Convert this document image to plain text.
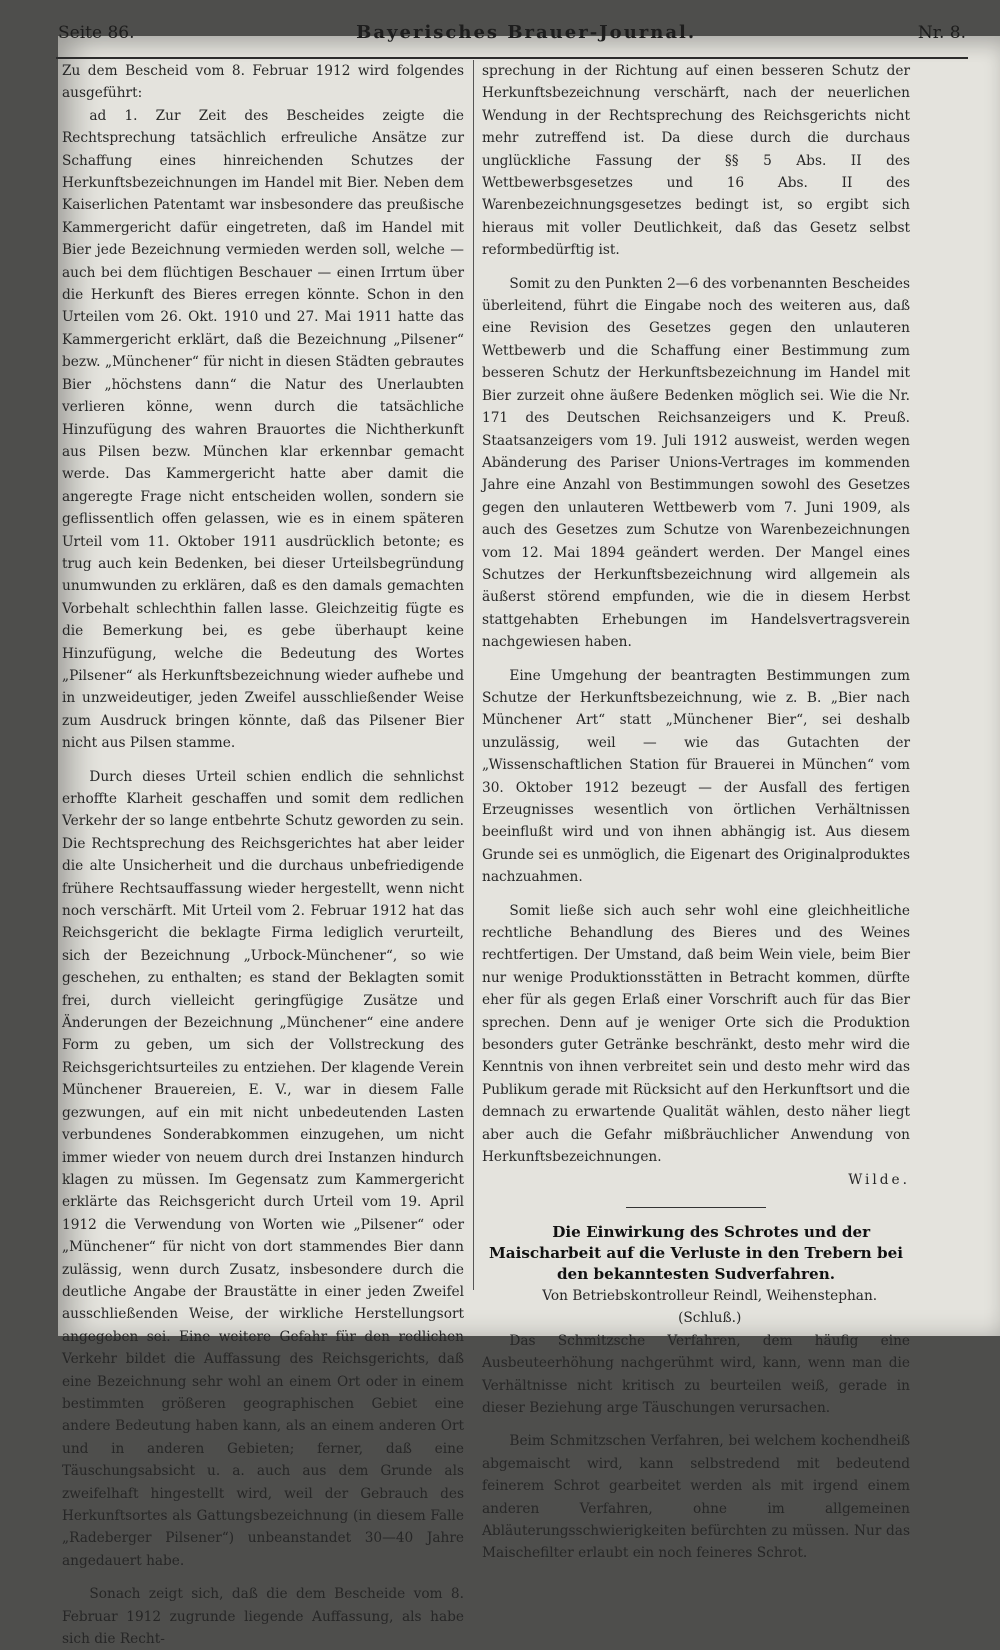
Seite 86.	Bayerisches Brauer-Journal.	Nr. 8.

Zu dem Bescheid vom 8. Februar 1912 wird folgendes ausgeführt:

ad 1. Zur Zeit des Bescheides zeigte die Rechtsprechung tatsächlich erfreuliche Ansätze zur Schaffung eines hinreichenden Schutzes der Herkunftsbezeichnungen im Handel mit Bier. Neben dem Kaiserlichen Patentamt war insbesondere das preußische Kammergericht dafür eingetreten, daß im Handel mit Bier jede Bezeichnung vermieden werden soll, welche — auch bei dem flüchtigen Beschauer — einen Irrtum über die Herkunft des Bieres erregen könnte. Schon in den Urteilen vom 26. Okt. 1910 und 27. Mai 1911 hatte das Kammergericht erklärt, daß die Bezeichnung „Pilsener“ bezw. „Münchener“ für nicht in diesen Städten gebrautes Bier „höchstens dann“ die Natur des Unerlaubten verlieren könne, wenn durch die tatsächliche Hinzufügung des wahren Brauortes die Nichtherkunft aus Pilsen bezw. München klar erkennbar gemacht werde. Das Kammergericht hatte aber damit die angeregte Frage nicht entscheiden wollen, sondern sie geflissentlich offen gelassen, wie es in einem späteren Urteil vom 11. Oktober 1911 ausdrücklich betonte; es trug auch kein Bedenken, bei dieser Urteilsbegründung unumwunden zu erklären, daß es den damals gemachten Vorbehalt schlechthin fallen lasse. Gleichzeitig fügte es die Bemerkung bei, es gebe überhaupt keine Hinzufügung, welche die Bedeutung des Wortes „Pilsener“ als Herkunftsbezeichnung wieder aufhebe und in unzweideutiger, jeden Zweifel ausschließender Weise zum Ausdruck bringen könnte, daß das Pilsener Bier nicht aus Pilsen stamme.

Durch dieses Urteil schien endlich die sehnlichst erhoffte Klarheit geschaffen und somit dem redlichen Verkehr der so lange entbehrte Schutz geworden zu sein. Die Rechtsprechung des Reichsgerichtes hat aber leider die alte Unsicherheit und die durchaus unbefriedigende frühere Rechtsauffassung wieder hergestellt, wenn nicht noch verschärft. Mit Urteil vom 2. Februar 1912 hat das Reichsgericht die beklagte Firma lediglich verurteilt, sich der Bezeichnung „Urbock-Münchener“, so wie geschehen, zu enthalten; es stand der Beklagten somit frei, durch vielleicht geringfügige Zusätze und Änderungen der Bezeichnung „Münchener“ eine andere Form zu geben, um sich der Vollstreckung des Reichsgerichtsurteiles zu entziehen. Der klagende Verein Münchener Brauereien, E. V., war in diesem Falle gezwungen, auf ein mit nicht unbedeutenden Lasten verbundenes Sonderabkommen einzugehen, um nicht immer wieder von neuem durch drei Instanzen hindurch klagen zu müssen. Im Gegensatz zum Kammergericht erklärte das Reichsgericht durch Urteil vom 19. April 1912 die Verwendung von Worten wie „Pilsener“ oder „Münchener“ für nicht von dort stammendes Bier dann zulässig, wenn durch Zusatz, insbesondere durch die deutliche Angabe der Braustätte in einer jeden Zweifel ausschließenden Weise, der wirkliche Herstellungsort angegeben sei. Eine weitere Gefahr für den redlichen Verkehr bildet die Auffassung des Reichsgerichts, daß eine Bezeichnung sehr wohl an einem Ort oder in einem bestimmten größeren geographischen Gebiet eine andere Bedeutung haben kann, als an einem anderen Ort und in anderen Gebieten; ferner, daß eine Täuschungsabsicht u. a. auch aus dem Grunde als zweifelhaft hingestellt wird, weil der Gebrauch des Herkunftsortes als Gattungsbezeichnung (in diesem Falle „Radeberger Pilsener“) unbeanstandet 30—40 Jahre angedauert habe.

Sonach zeigt sich, daß die dem Bescheide vom 8. Februar 1912 zugrunde liegende Auffassung, als habe sich die Recht-

sprechung in der Richtung auf einen besseren Schutz der Herkunftsbezeichnung verschärft, nach der neuerlichen Wendung in der Rechtsprechung des Reichsgerichts nicht mehr zutreffend ist. Da diese durch die durchaus unglückliche Fassung der §§ 5 Abs. II des Wettbewerbsgesetzes und 16 Abs. II des Warenbezeichnungsgesetzes bedingt ist, so ergibt sich hieraus mit voller Deutlichkeit, daß das Gesetz selbst reformbedürftig ist.

Somit zu den Punkten 2—6 des vorbenannten Bescheides überleitend, führt die Eingabe noch des weiteren aus, daß eine Revision des Gesetzes gegen den unlauteren Wettbewerb und die Schaffung einer Bestimmung zum besseren Schutz der Herkunftsbezeichnung im Handel mit Bier zurzeit ohne äußere Bedenken möglich sei. Wie die Nr. 171 des Deutschen Reichsanzeigers und K. Preuß. Staatsanzeigers vom 19. Juli 1912 ausweist, werden wegen Abänderung des Pariser Unions-Vertrages im kommenden Jahre eine Anzahl von Bestimmungen sowohl des Gesetzes gegen den unlauteren Wettbewerb vom 7. Juni 1909, als auch des Gesetzes zum Schutze von Warenbezeichnungen vom 12. Mai 1894 geändert werden. Der Mangel eines Schutzes der Herkunftsbezeichnung wird allgemein als äußerst störend empfunden, wie die in diesem Herbst stattgehabten Erhebungen im Handelsvertragsverein nachgewiesen haben.

Eine Umgehung der beantragten Bestimmungen zum Schutze der Herkunftsbezeichnung, wie z. B. „Bier nach Münchener Art“ statt „Münchener Bier“, sei deshalb unzulässig, weil — wie das Gutachten der „Wissenschaftlichen Station für Brauerei in München“ vom 30. Oktober 1912 bezeugt — der Ausfall des fertigen Erzeugnisses wesentlich von örtlichen Verhältnissen beeinflußt wird und von ihnen abhängig ist. Aus diesem Grunde sei es unmöglich, die Eigenart des Originalproduktes nachzuahmen.

Somit ließe sich auch sehr wohl eine gleichheitliche rechtliche Behandlung des Bieres und des Weines rechtfertigen. Der Umstand, daß beim Wein viele, beim Bier nur wenige Produktionsstätten in Betracht kommen, dürfte eher für als gegen Erlaß einer Vorschrift auch für das Bier sprechen. Denn auf je weniger Orte sich die Produktion besonders guter Getränke beschränkt, desto mehr wird die Kenntnis von ihnen verbreitet sein und desto mehr wird das Publikum gerade mit Rücksicht auf den Herkunftsort und die demnach zu erwartende Qualität wählen, desto näher liegt aber auch die Gefahr mißbräuchlicher Anwendung von Herkunftsbezeichnungen.

Wilde.

Die Einwirkung des Schrotes und der Maischarbeit auf die Verluste in den Trebern bei den bekanntesten Sudverfahren.

Von Betriebskontrolleur Reindl, Weihenstephan.

(Schluß.)

Das Schmitzsche Verfahren, dem häufig eine Ausbeuteerhöhung nachgerühmt wird, kann, wenn man die Verhältnisse nicht kritisch zu beurteilen weiß, gerade in dieser Beziehung arge Täuschungen verursachen.

Beim Schmitzschen Verfahren, bei welchem kochendheiß abgemaischt wird, kann selbstredend mit bedeutend feinerem Schrot gearbeitet werden als mit irgend einem anderen Verfahren, ohne im allgemeinen Abläuterungsschwierigkeiten befürchten zu müssen. Nur das Maischefilter erlaubt ein noch feineres Schrot.
